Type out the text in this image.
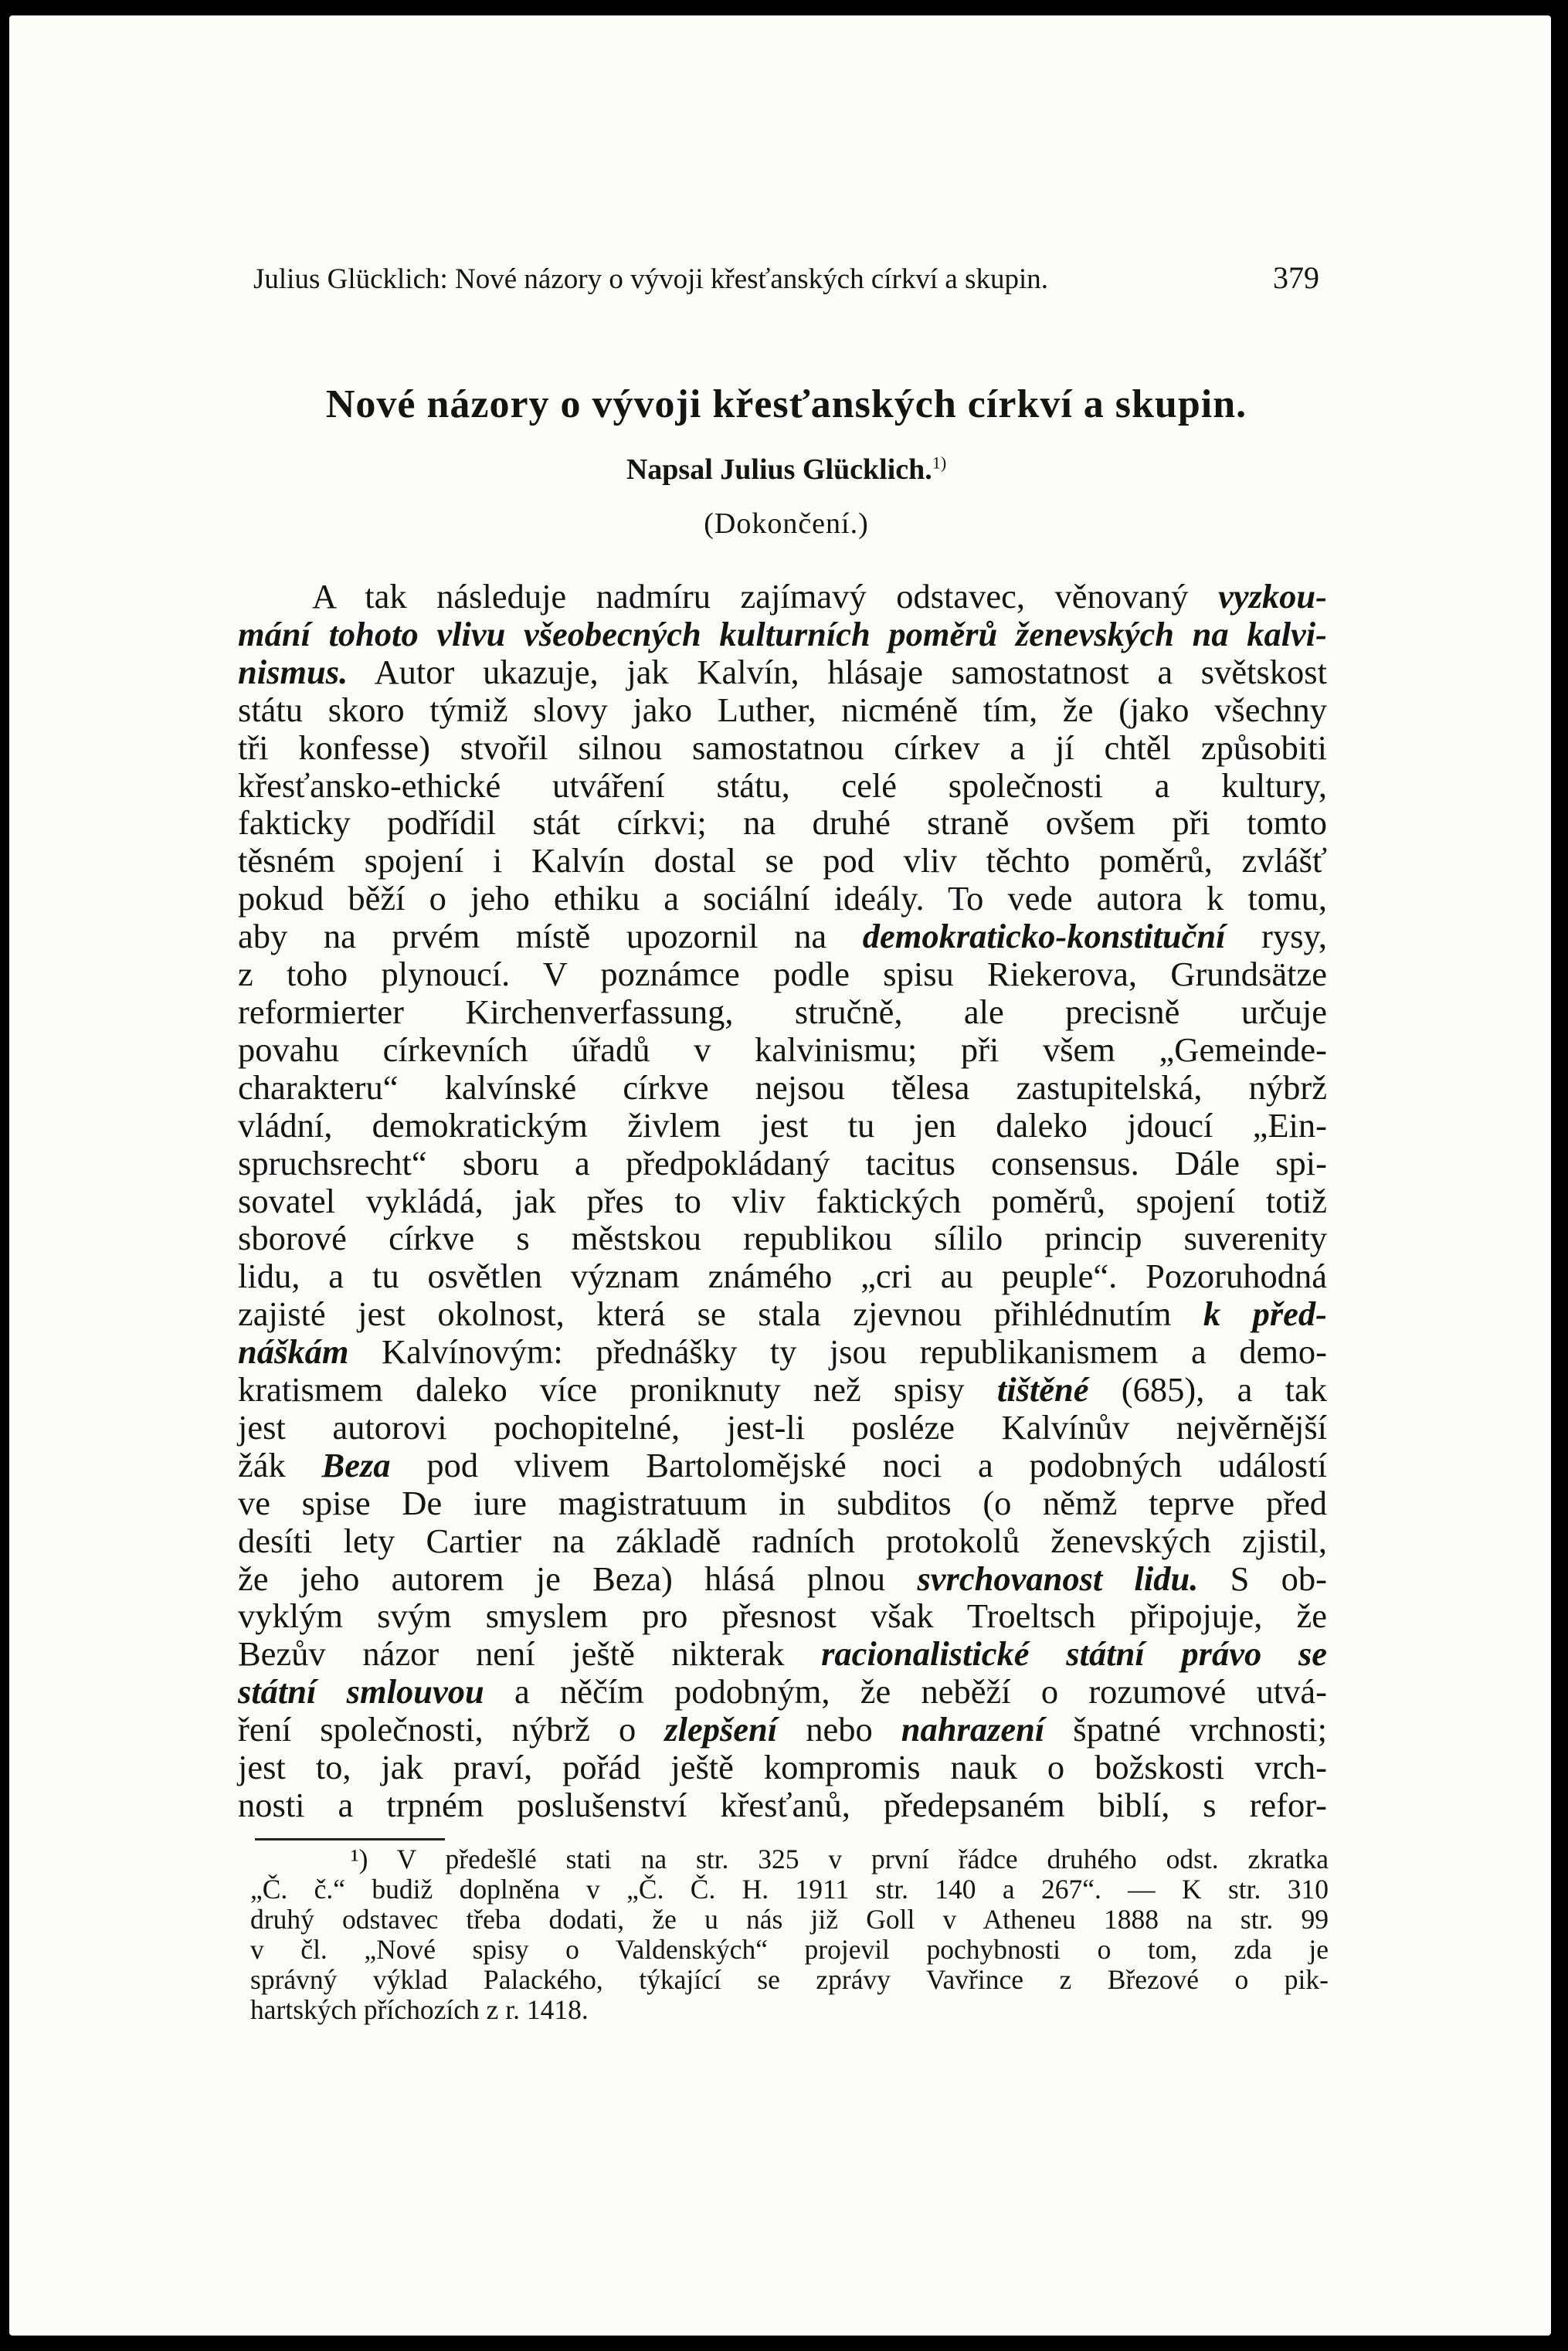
Julius Glücklich: Nové názory o vývoji křesťanských církví a skupin.	379
Nové názory o vývoji křesťanských církví a skupin.
Napsal Julius Glücklich.$^{1)}$
(Dokončení.)
A tak následuje nadmíru zajímavý odstavec, věnovaný vyzkou-
mání tohoto vlivu všeobecných kulturních poměrů ženevských na kalvi-
nismus. Autor ukazuje, jak Kalvín, hlásaje samostatnost a světskost
státu skoro týmiž slovy jako Luther, nicméně tím, že (jako všechny
tři konfesse) stvořil silnou samostatnou církev a jí chtěl způsobiti
křesťansko-ethické utváření státu, celé společnosti a kultury,
fakticky podřídil stát církvi; na druhé straně ovšem při tomto
těsném spojení i Kalvín dostal se pod vliv těchto poměrů, zvlášť
pokud běží o jeho ethiku a sociální ideály. To vede autora k tomu,
aby na prvém místě upozornil na demokraticko-konstituční rysy,
z toho plynoucí. V poznámce podle spisu Riekerova, Grundsätze
reformierter Kirchenverfassung, stručně, ale precisně určuje
povahu církevních úřadů v kalvinismu; při všem „Gemeinde-
charakteru“ kalvínské církve nejsou tělesa zastupitelská, nýbrž
vládní, demokratickým živlem jest tu jen daleko jdoucí „Ein-
spruchsrecht“ sboru a předpokládaný tacitus consensus. Dále spi-
sovatel vykládá, jak přes to vliv faktických poměrů, spojení totiž
sborové církve s městskou republikou sílilo princip suverenity
lidu, a tu osvětlen význam známého „cri au peuple“. Pozoruhodná
zajisté jest okolnost, která se stala zjevnou přihlédnutím k před-
náškám Kalvínovým: přednášky ty jsou republikanismem a demo-
kratismem daleko více proniknuty než spisy tištěné (685), a tak
jest autorovi pochopitelné, jest-li posléze Kalvínův nejvěrnější
žák Beza pod vlivem Bartolomějské noci a podobných událostí
ve spise De iure magistratuum in subditos (o němž teprve před
desíti lety Cartier na základě radních protokolů ženevských zjistil,
že jeho autorem je Beza) hlásá plnou svrchovanost lidu. S ob-
vyklým svým smyslem pro přesnost však Troeltsch připojuje, že
Bezův názor není ještě nikterak racionalistické státní právo se
státní smlouvou a něčím podobným, že neběží o rozumové utvá-
ření společnosti, nýbrž o zlepšení nebo nahrazení špatné vrchnosti;
jest to, jak praví, pořád ještě kompromis nauk o božskosti vrch-
nosti a trpném poslušenství křesťanů, předepsaném biblí, s refor-
¹) V předešlé stati na str. 325 v první řádce druhého odst. zkratka
„Č. č.“ budiž doplněna v „Č. Č. H. 1911 str. 140 a 267“. — K str. 310
druhý odstavec třeba dodati, že u nás již Goll v Atheneu 1888 na str. 99
v čl. „Nové spisy o Valdenských“ projevil pochybnosti o tom, zda je
správný výklad Palackého, týkající se zprávy Vavřince z Březové o pik-
hartských příchozích z r. 1418.
